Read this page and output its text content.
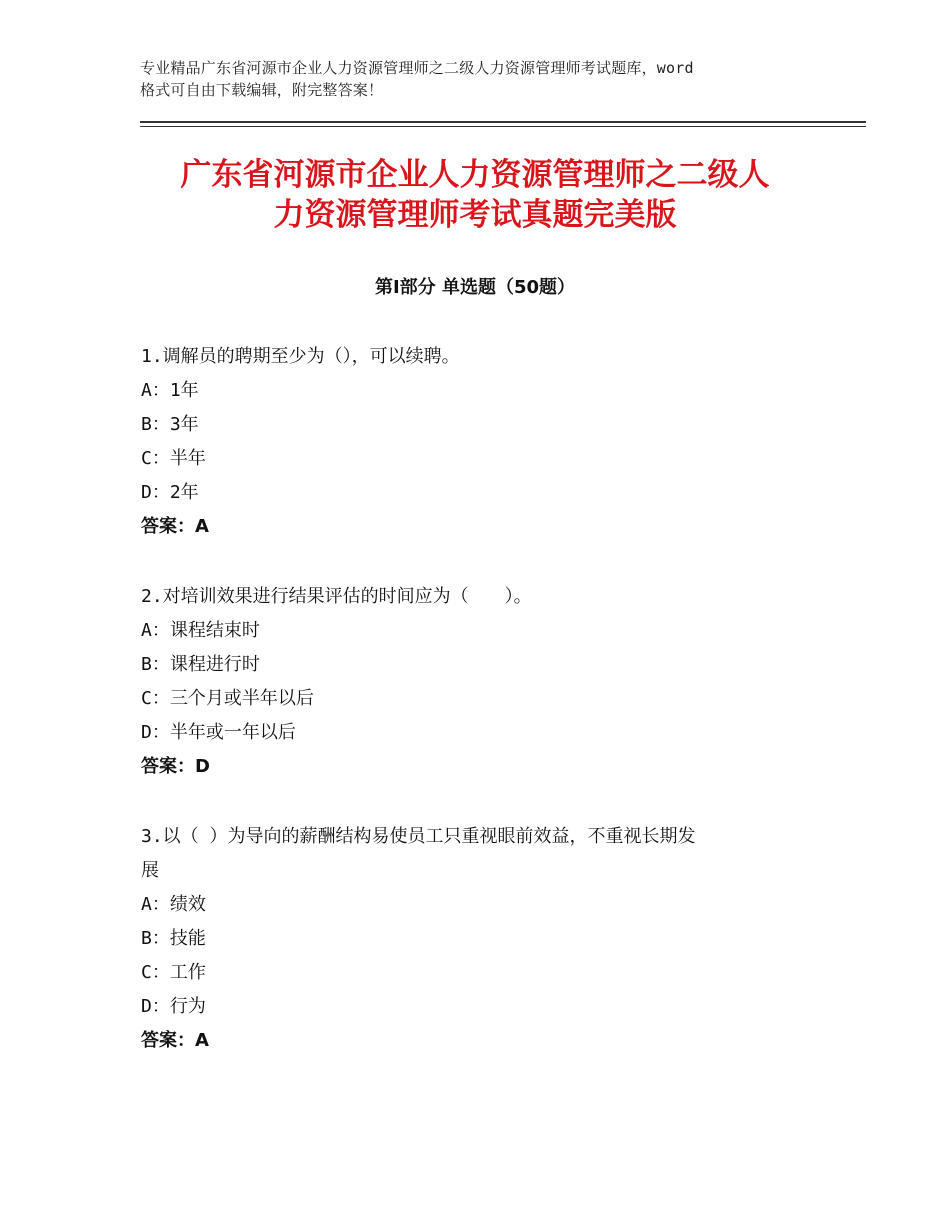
专业精品广东省河源市企业人力资源管理师之二级人力资源管理师考试题库，word
格式可自由下载编辑，附完整答案！
广东省河源市企业人力资源管理师之二级人
力资源管理师考试真题完美版
第Ⅰ部分 单选题（50题）
1.调解员的聘期至少为（），可以续聘。
A：1年
B：3年
C：半年
D：2年
答案：A
2.对培训效果进行结果评估的时间应为（　　）。
A：课程结束时
B：课程进行时
C：三个月或半年以后
D：半年或一年以后
答案：D
3.以（ ）为导向的薪酬结构易使员工只重视眼前效益，不重视长期发
展
A：绩效
B：技能
C：工作
D：行为
答案：A
